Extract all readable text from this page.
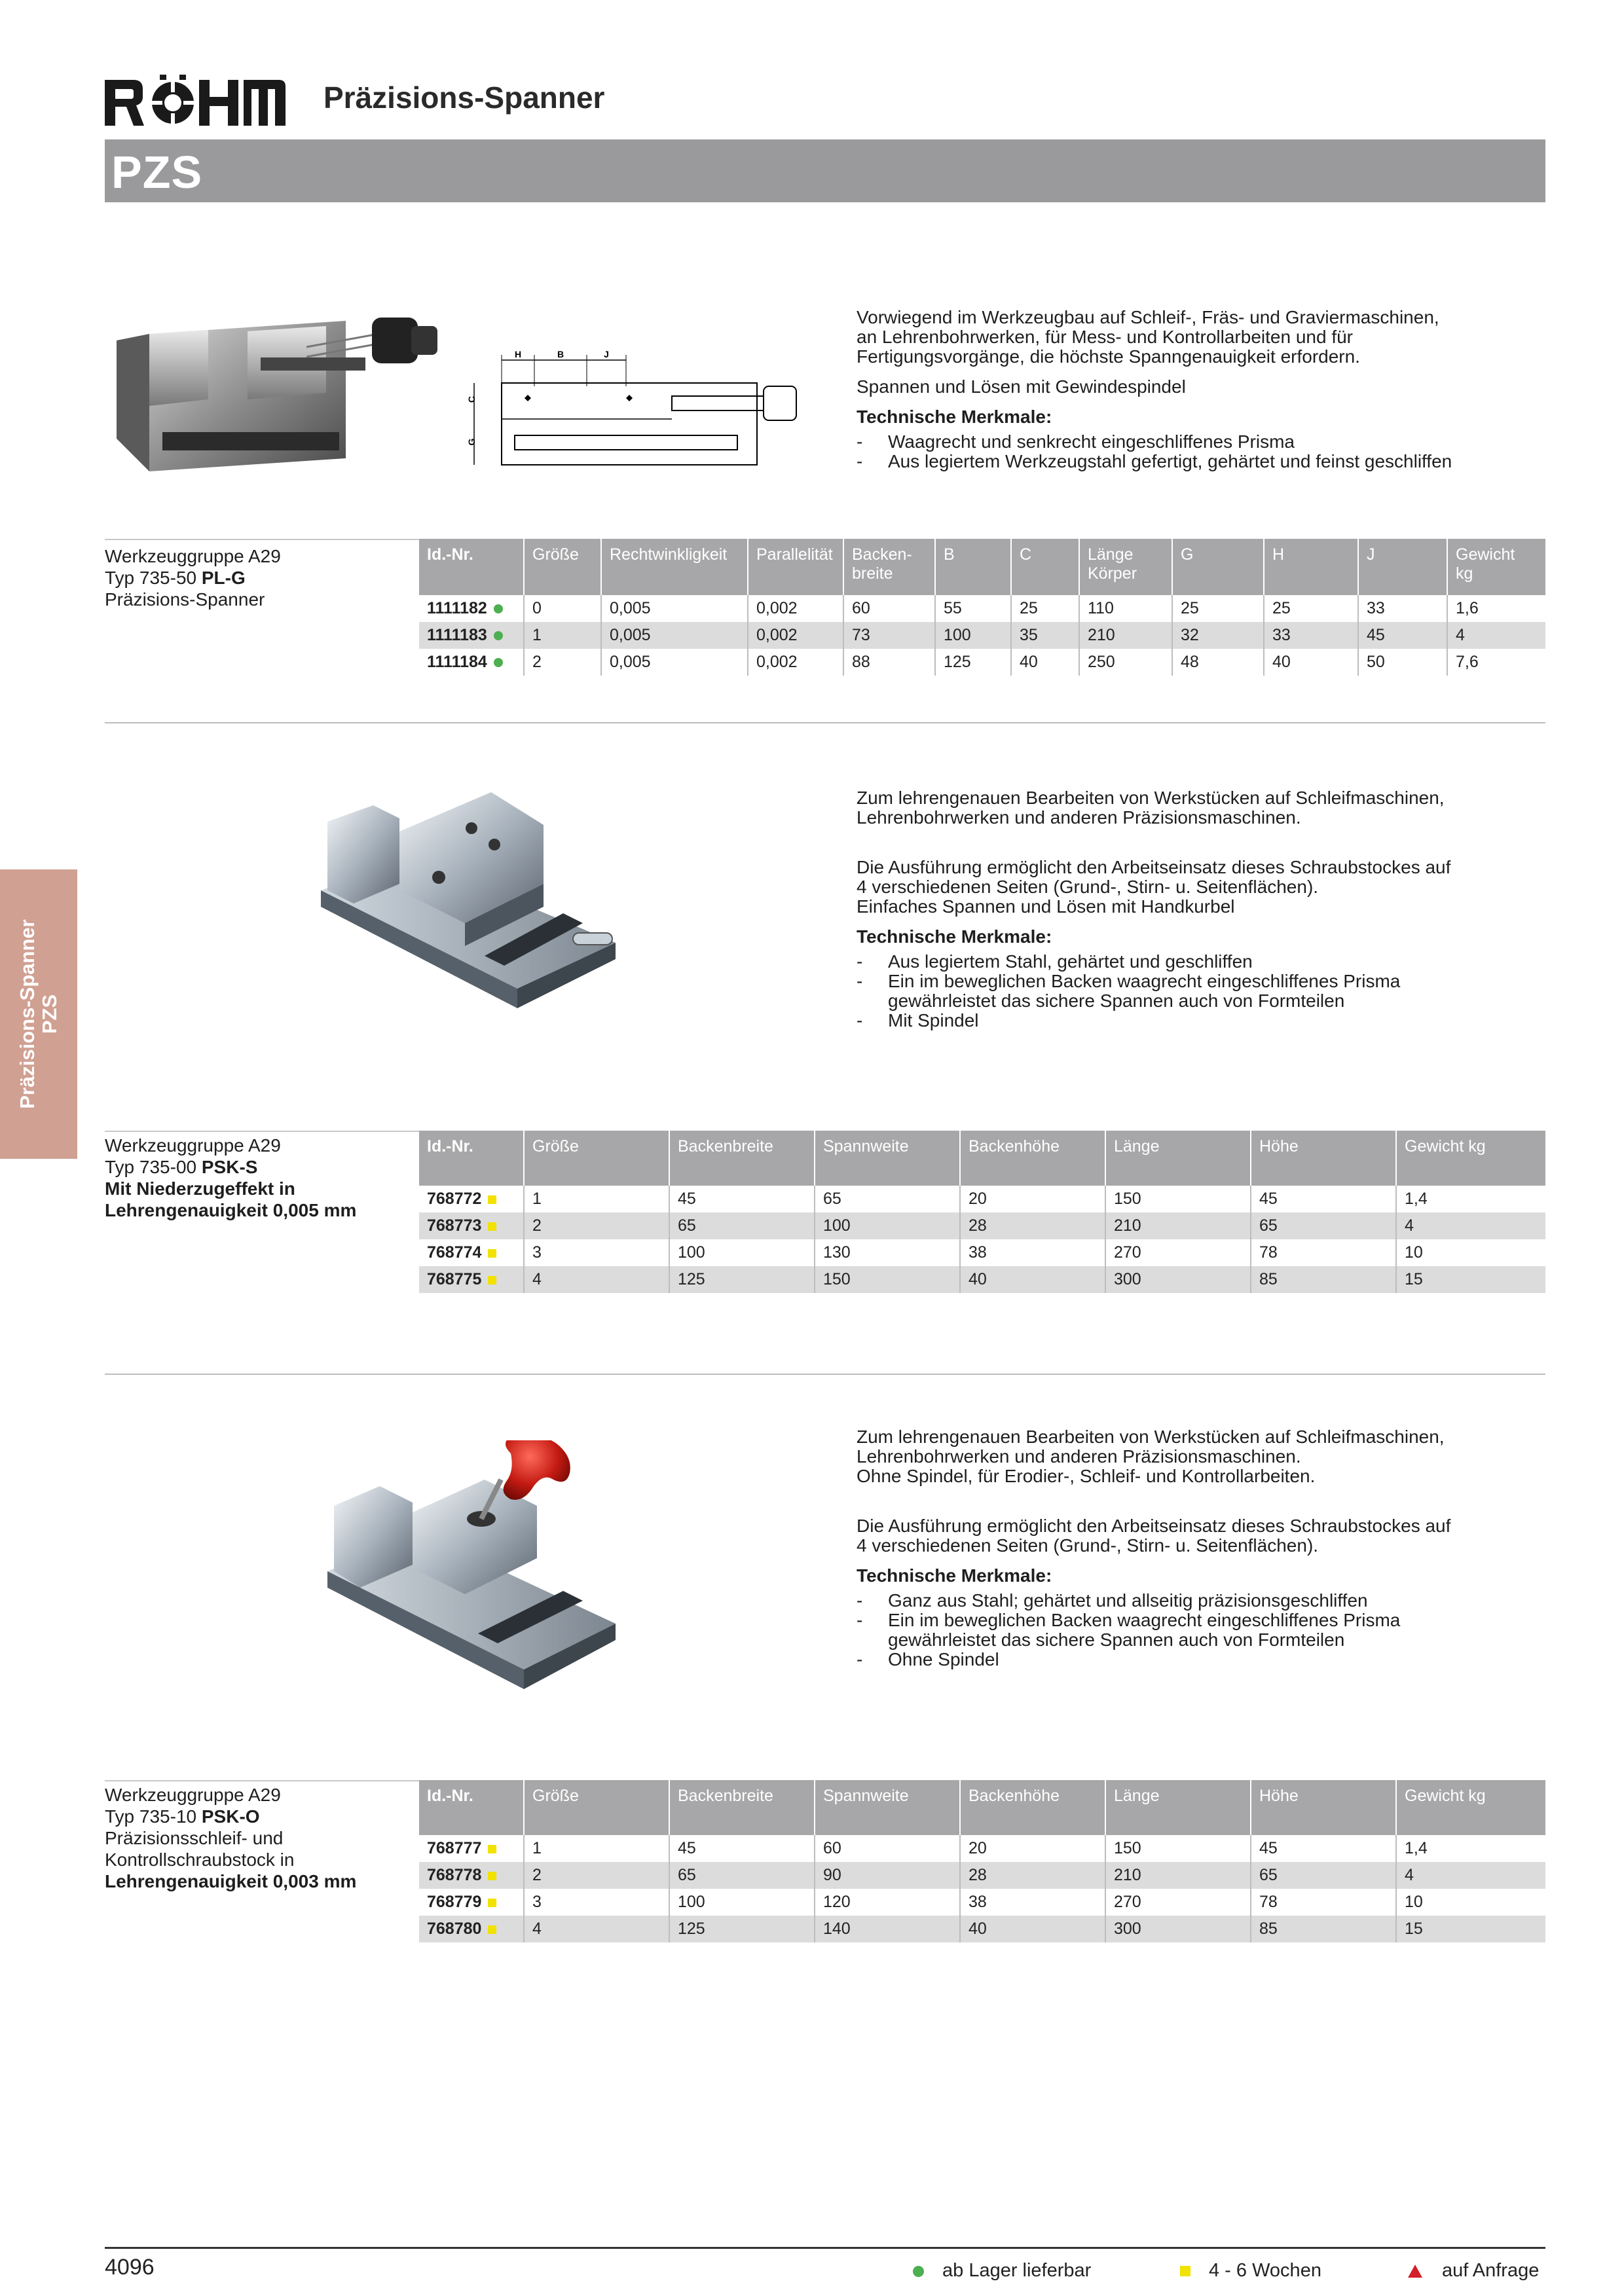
Präzisions-Spanner
PZS
Präzisions-Spanner PZS
H	B	J
C
G

Vorwiegend im Werkzeugbau auf Schleif-, Fräs- und Graviermaschinen,
an Lehrenbohrwerken, für Mess- und Kontrollarbeiten und für
Fertigungsvorgänge, die höchste Spanngenauigkeit erfordern.

Spannen und Lösen mit Gewindespindel

Technische Merkmale:

- Waagrecht und senkrecht eingeschliffenes Prisma
- Aus legiertem Werkzeugstahl gefertigt, gehärtet und feinst geschliffen
Werkzeuggruppe A29
Typ 735-50 PL-G
Präzisions-Spanner
Id.-Nr.	Größe	Rechtwinkligkeit	Parallelität	Backen-
breite	B	C	Länge
Körper	G	H	J	Gewicht
kg
1111182	0	0,005	0,002	60	55	25	110	25	25	33	1,6
1111183	1	0,005	0,002	73	100	35	210	32	33	45	4
1111184	2	0,005	0,002	88	125	40	250	48	40	50	7,6

Zum lehrengenauen Bearbeiten von Werkstücken auf Schleifmaschinen,
Lehrenbohrwerken und anderen Präzisionsmaschinen.

Die Ausführung ermöglicht den Arbeitseinsatz dieses Schraubstockes auf
4 verschiedenen Seiten (Grund-, Stirn- u. Seitenflächen).
Einfaches Spannen und Lösen mit Handkurbel

Technische Merkmale:

- Aus legiertem Stahl, gehärtet und geschliffen
- Ein im beweglichen Backen waagrecht eingeschliffenes Prisma
gewährleistet das sichere Spannen auch von Formteilen
- Mit Spindel
Werkzeuggruppe A29
Typ 735-00 PSK-S
Mit Niederzugeffekt in
Lehrengenauigkeit 0,005 mm
Id.-Nr.	Größe	Backenbreite	Spannweite	Backenhöhe	Länge	Höhe	Gewicht kg
768772	1	45	65	20	150	45	1,4
768773	2	65	100	28	210	65	4
768774	3	100	130	38	270	78	10
768775	4	125	150	40	300	85	15

Zum lehrengenauen Bearbeiten von Werkstücken auf Schleifmaschinen,
Lehrenbohrwerken und anderen Präzisionsmaschinen.
Ohne Spindel, für Erodier-, Schleif- und Kontrollarbeiten.

Die Ausführung ermöglicht den Arbeitseinsatz dieses Schraubstockes auf
4 verschiedenen Seiten (Grund-, Stirn- u. Seitenflächen).

Technische Merkmale:

- Ganz aus Stahl; gehärtet und allseitig präzisionsgeschliffen
- Ein im beweglichen Backen waagrecht eingeschliffenes Prisma
gewährleistet das sichere Spannen auch von Formteilen
- Ohne Spindel
Werkzeuggruppe A29
Typ 735-10 PSK-O
Präzisionsschleif- und
Kontrollschraubstock in
Lehrengenauigkeit 0,003 mm
Id.-Nr.	Größe	Backenbreite	Spannweite	Backenhöhe	Länge	Höhe	Gewicht kg
768777	1	45	60	20	150	45	1,4
768778	2	65	90	28	210	65	4
768779	3	100	120	38	270	78	10
768780	4	125	140	40	300	85	15
4096	ab Lager lieferbar	4 - 6 Wochen	auf Anfrage
